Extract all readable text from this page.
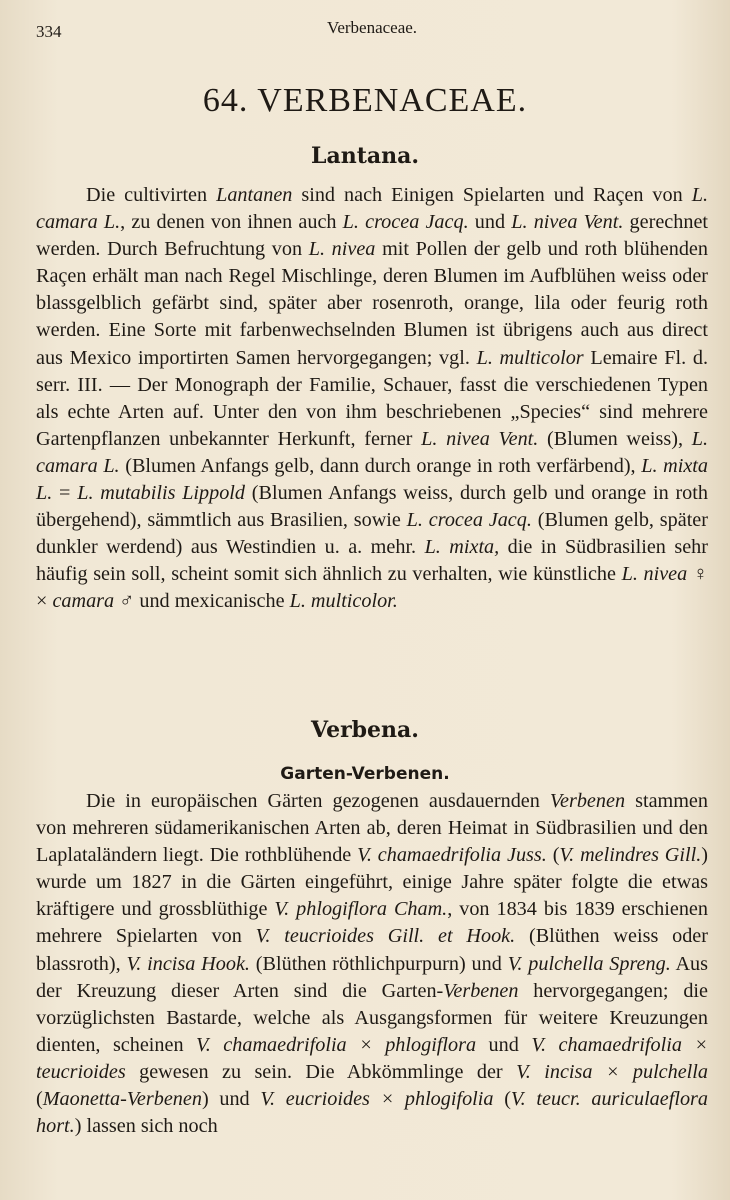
334	Verbenaceae.
64. VERBENACEAE.
Lantana.

Die cultivirten Lantanen sind nach Einigen Spielarten und Raçen von L. camara L., zu denen von ihnen auch L. crocea Jacq. und L. nivea Vent. gerechnet werden. Durch Befruchtung von L. nivea mit Pollen der gelb und roth blühenden Raçen erhält man nach Regel Mischlinge, deren Blumen im Aufblühen weiss oder blassgelblich gefärbt sind, später aber rosenroth, orange, lila oder feurig roth werden. Eine Sorte mit farbenwechselnden Blumen ist übrigens auch aus direct aus Mexico importirten Samen hervorgegangen; vgl. L. multicolor Lemaire Fl. d. serr. III. — Der Monograph der Familie, Schauer, fasst die verschiedenen Typen als echte Arten auf. Unter den von ihm beschriebenen „Species“ sind mehrere Gartenpflanzen unbekannter Herkunft, ferner L. nivea Vent. (Blumen weiss), L. camara L. (Blumen Anfangs gelb, dann durch orange in roth verfärbend), L. mixta L. = L. mutabilis Lippold (Blumen Anfangs weiss, durch gelb und orange in roth übergehend), sämmtlich aus Brasilien, sowie L. crocea Jacq. (Blumen gelb, später dunkler werdend) aus Westindien u. a. mehr. L. mixta, die in Südbrasilien sehr häufig sein soll, scheint somit sich ähnlich zu verhalten, wie künstliche L. nivea ♀ × camara ♂ und mexicanische L. multicolor.

Verbena.
Garten-Verbenen.

Die in europäischen Gärten gezogenen ausdauernden Verbenen stammen von mehreren südamerikanischen Arten ab, deren Heimat in Südbrasilien und den Laplataländern liegt. Die rothblühende V. chamaedrifolia Juss. (V. melindres Gill.) wurde um 1827 in die Gärten eingeführt, einige Jahre später folgte die etwas kräftigere und grossblüthige V. phlogiflora Cham., von 1834 bis 1839 erschienen mehrere Spielarten von V. teucrioides Gill. et Hook. (Blüthen weiss oder blassroth), V. incisa Hook. (Blüthen röthlichpurpurn) und V. pulchella Spreng. Aus der Kreuzung dieser Arten sind die Garten-Verbenen hervorgegangen; die vorzüglichsten Bastarde, welche als Ausgangsformen für weitere Kreuzungen dienten, scheinen V. chamaedrifolia × phlogiflora und V. chamaedrifolia × teucrioides gewesen zu sein. Die Abkömmlinge der V. incisa × pulchella (Maonetta-Verbenen) und V. eucrioides × phlogifolia (V. teucr. auriculaeflora hort.) lassen sich noch
